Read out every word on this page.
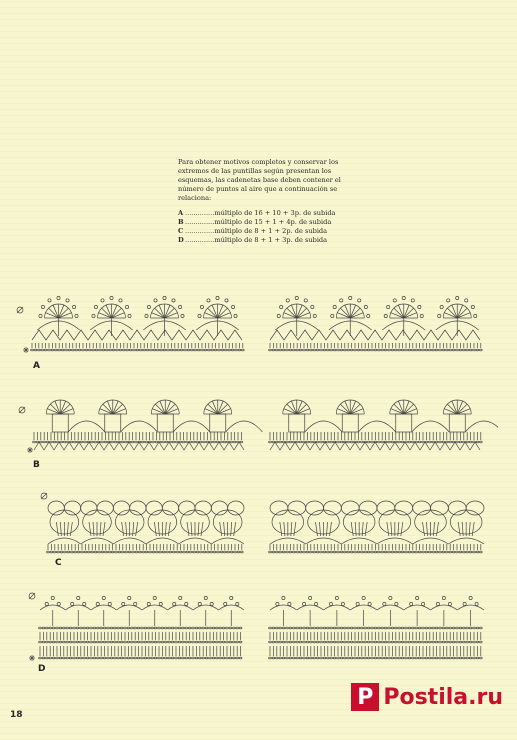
Para obtener motivos completos y conservar los extremos de las puntillas según presentan los esquemas, las cadenetas base deben contener el número de puntos al aire que a continuación se relaciona:

A .............. múltiplo de 16 + 10 + 3p. de subida
B .............. múltiplo de 15 + 1 + 4p. de subida
C .............. múltiplo de 8 + 1 + 2p. de subida
D .............. múltiplo de 8 + 1 + 3p. de subida
A
B
C
D
18
P Postila.ru
